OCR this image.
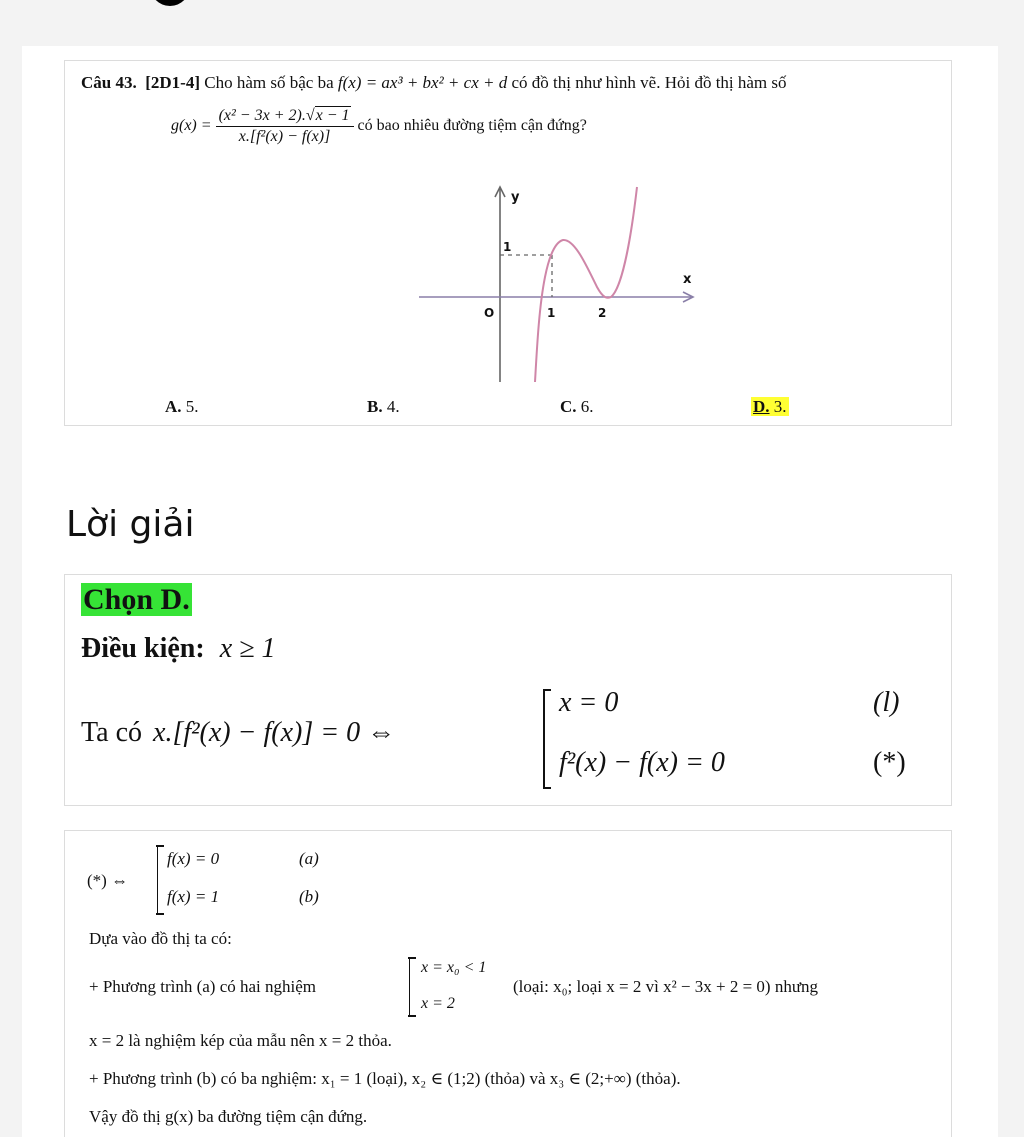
Câu 43. [2D1-4] Cho hàm số bậc ba f(x) = ax³ + bx² + cx + d có đồ thị như hình vẽ. Hỏi đồ thị hàm số
$g(x) = \frac{\text{(x² − 3x + 2).√x − 1}}{\text{x.[f²(x) − f(x)]}}$ có bao nhiêu đường tiệm cận đứng?
y
x
O	1	2
1
A. 5.	B. 4.	C. 6.	D. 3.
Lời giải
Chọn D.
Điều kiện: x ≥ 1
Ta có x.[f²(x) − f(x)] = 0 ⇔
x = 0	(l)
f²(x) − f(x) = 0	(*)
(*) ⇔
f(x) = 0	(a)
f(x) = 1	(b)
Dựa vào đồ thị ta có:
+ Phương trình (a) có hai nghiệm
x = x₀ < 1
x = 2
(loại: x₀; loại x = 2 vì x² − 3x + 2 = 0) nhưng
x = 2 là nghiệm kép của mẫu nên x = 2 thỏa.
+ Phương trình (b) có ba nghiệm: x₁ = 1 (loại), x₂ ∈ (1;2) (thỏa) và x₃ ∈ (2;+∞) (thỏa).
Vậy đồ thị g(x) ba đường tiệm cận đứng.
